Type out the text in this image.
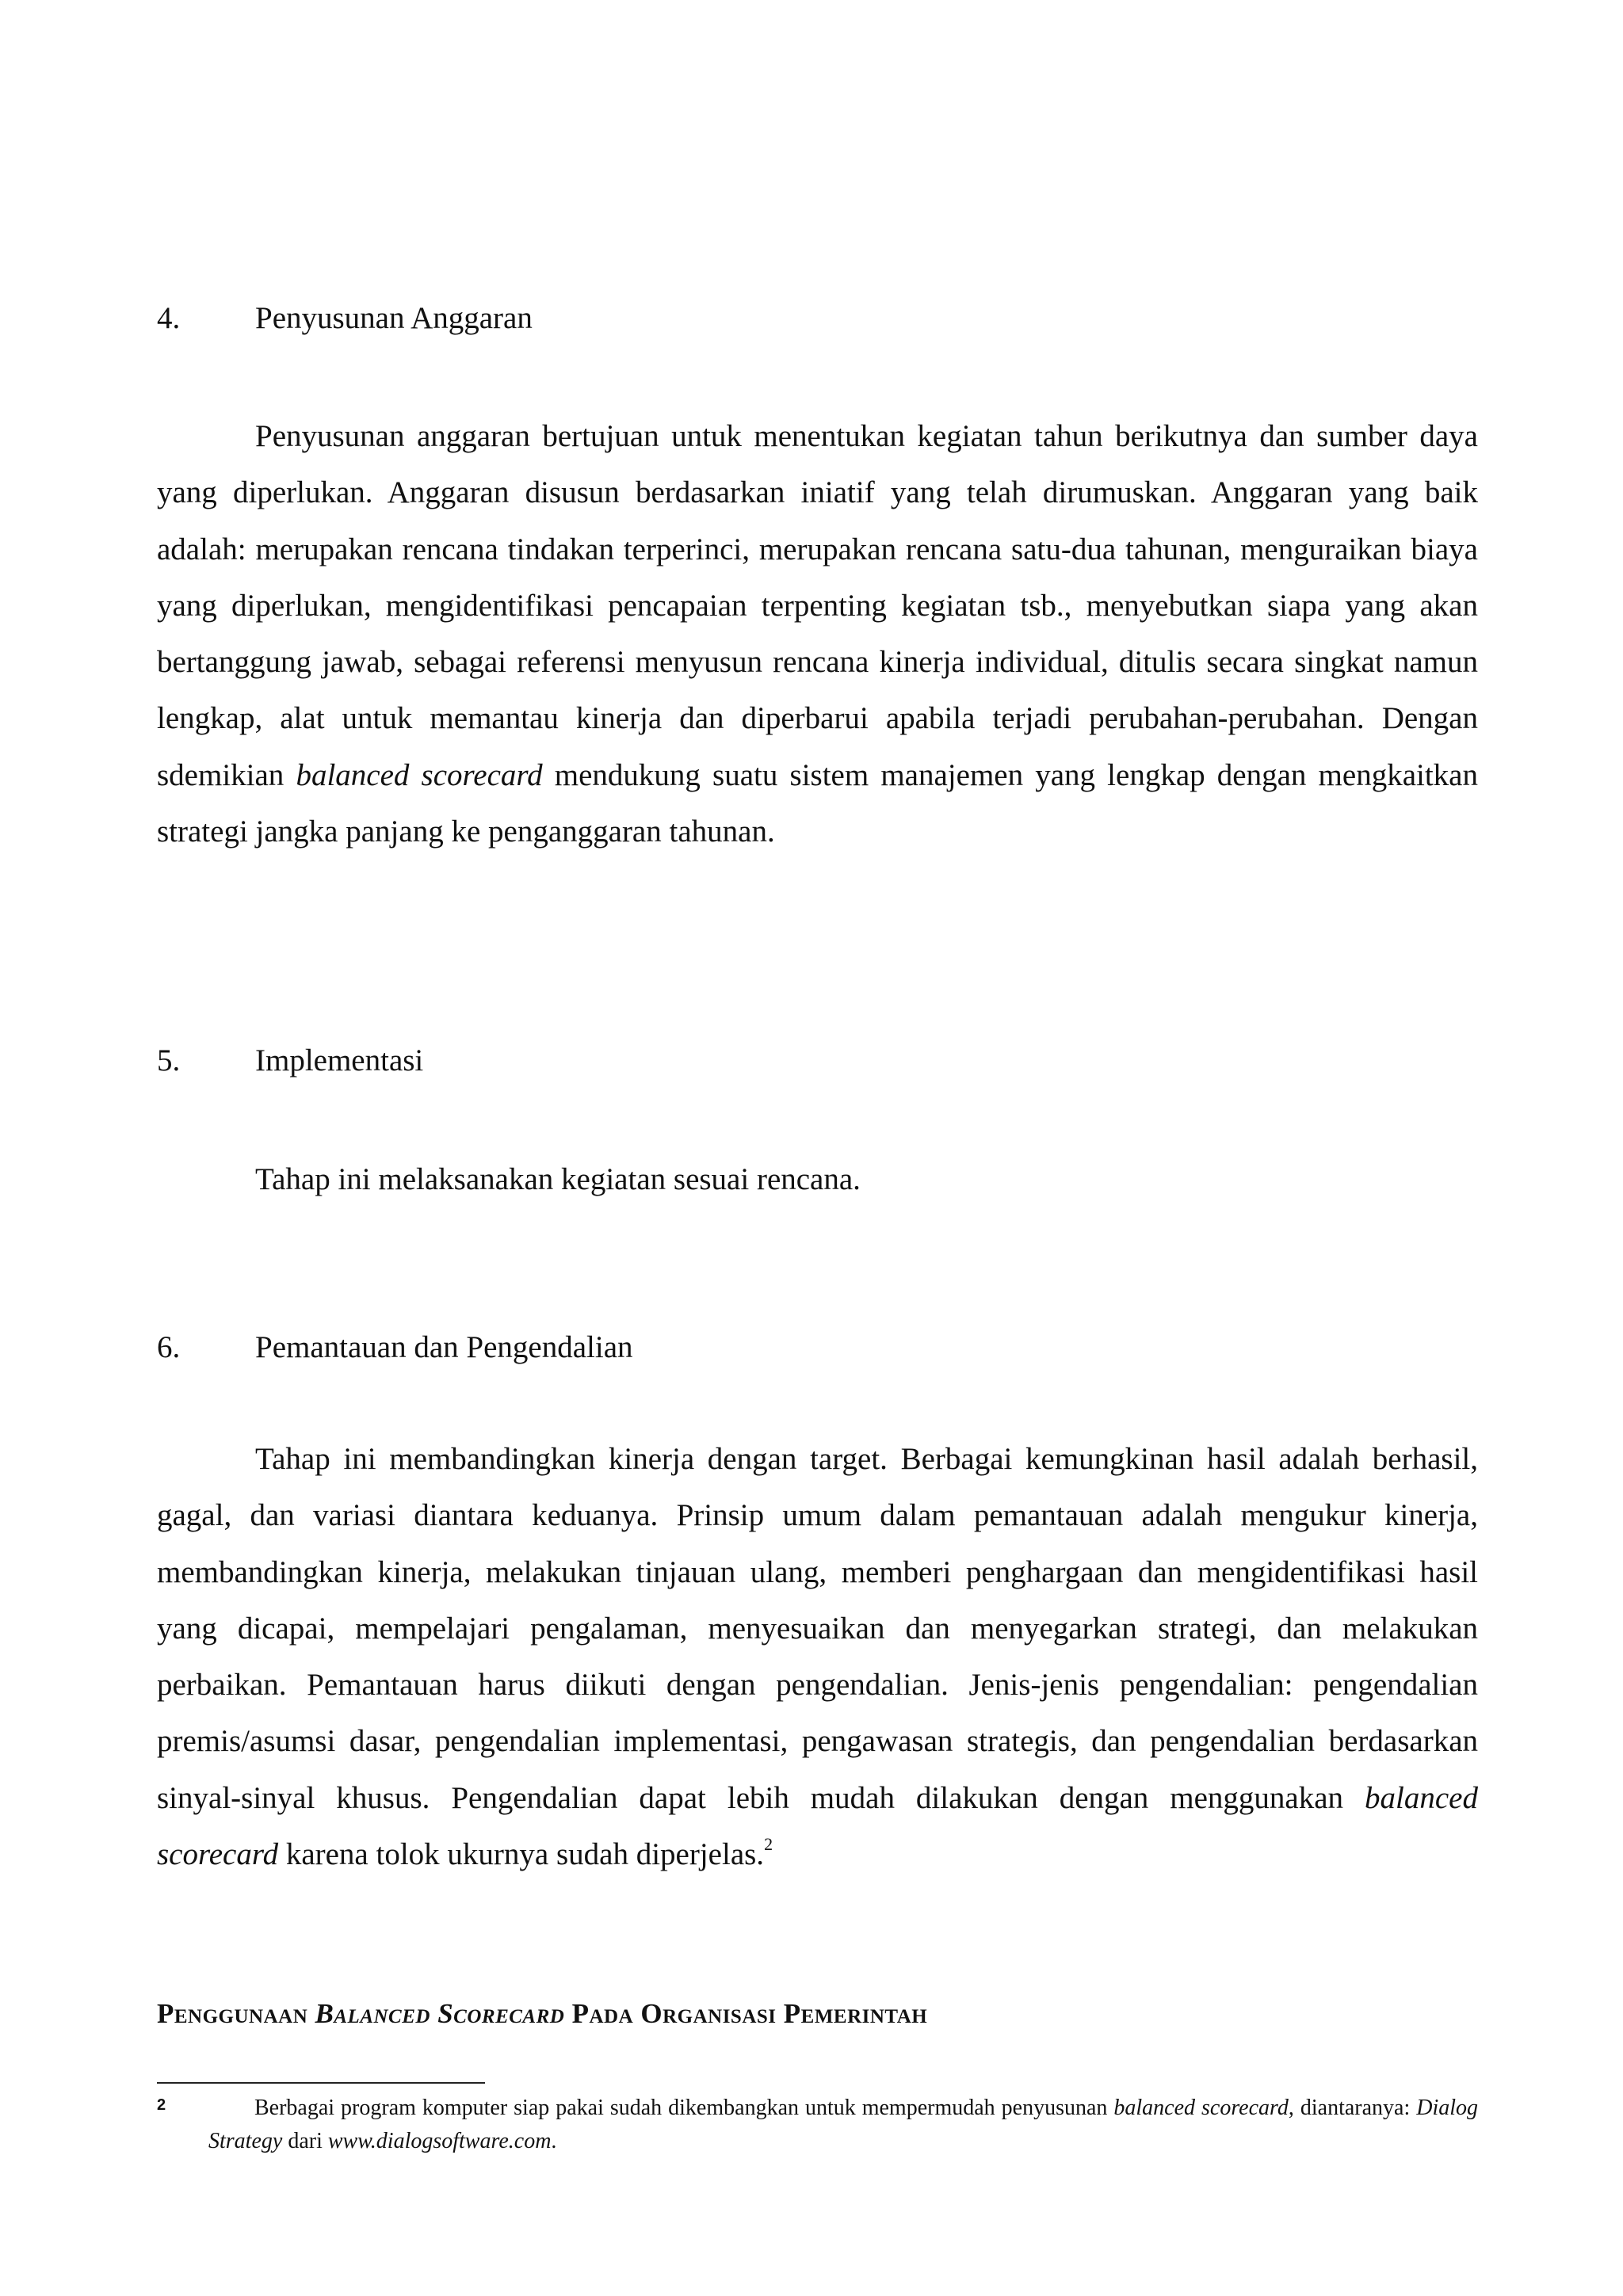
4. Penyusunan Anggaran

Penyusunan anggaran bertujuan untuk menentukan kegiatan tahun berikutnya dan sumber daya yang diperlukan. Anggaran disusun berdasarkan iniatif yang telah dirumuskan. Anggaran yang baik adalah: merupakan rencana tindakan terperinci, merupakan rencana satu-dua tahunan, menguraikan biaya yang diperlukan, mengidentifikasi pencapaian terpenting kegiatan tsb., menyebutkan siapa yang akan bertanggung jawab, sebagai referensi menyusun rencana kinerja individual, ditulis secara singkat namun lengkap, alat untuk memantau kinerja dan diperbarui apabila terjadi perubahan-perubahan. Dengan sdemikian balanced scorecard mendukung suatu sistem manajemen yang lengkap dengan mengkaitkan strategi jangka panjang ke penganggaran tahunan.

5. Implementasi

Tahap ini melaksanakan kegiatan sesuai rencana.

6. Pemantauan dan Pengendalian

Tahap ini membandingkan kinerja dengan target. Berbagai kemungkinan hasil adalah berhasil, gagal, dan variasi diantara keduanya. Prinsip umum dalam pemantauan adalah mengukur kinerja, membandingkan kinerja, melakukan tinjauan ulang, memberi penghargaan dan mengidentifikasi hasil yang dicapai, mempelajari pengalaman, menyesuaikan dan menyegarkan strategi, dan melakukan perbaikan. Pemantauan harus diikuti dengan pengendalian. Jenis-jenis pengendalian: pengendalian premis/asumsi dasar, pengendalian implementasi, pengawasan strategis, dan pengendalian berdasarkan sinyal-sinyal khusus. Pengendalian dapat lebih mudah dilakukan dengan menggunakan balanced scorecard karena tolok ukurnya sudah diperjelas.$^2$

Penggunaan Balanced Scorecard Pada Organisasi Pemerintah
2	Berbagai program komputer siap pakai sudah dikembangkan untuk mempermudah penyusunan balanced scorecard, diantaranya: Dialog Strategy dari www.dialogsoftware.com.
